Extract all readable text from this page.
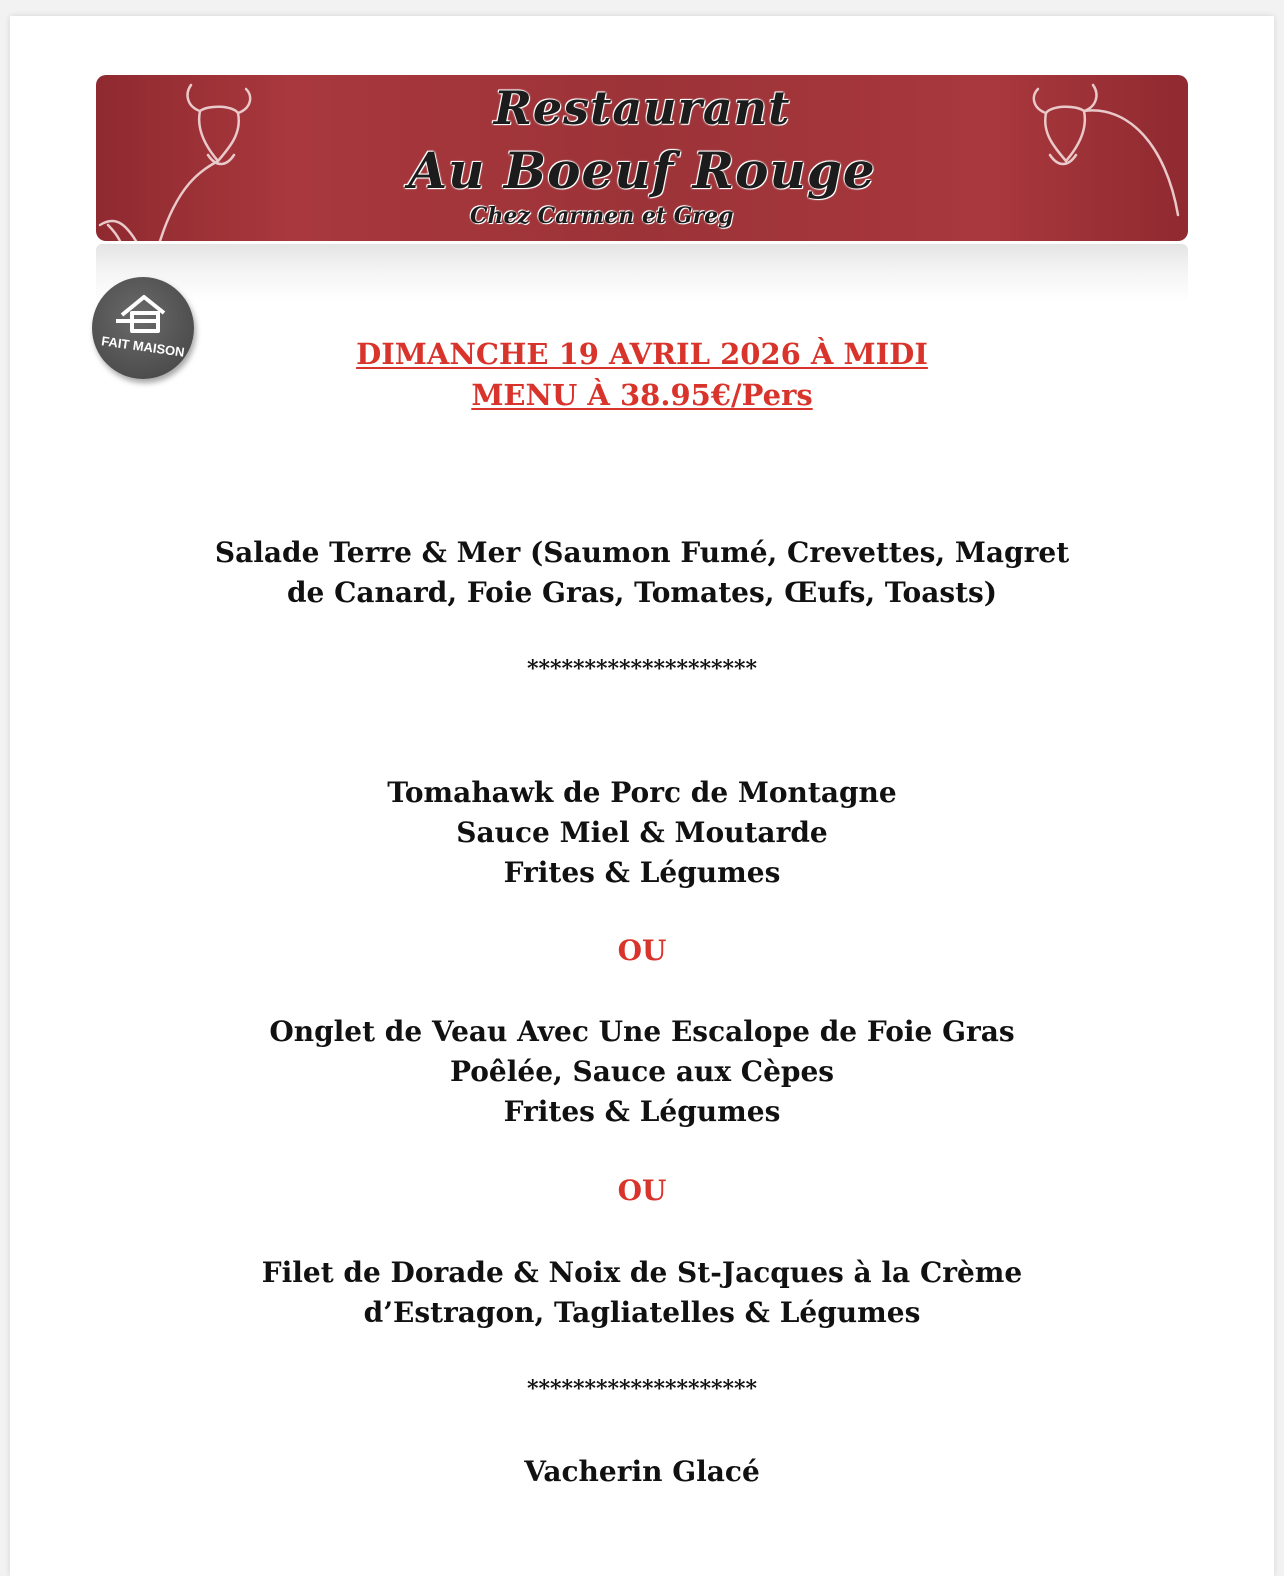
Restaurant
Au Boeuf Rouge
Chez Carmen et Greg
FAIT MAISON	DIMANCHE 19 AVRIL 2026 À MIDI

MENU À 38.95€/Pers

Salade Terre & Mer (Saumon Fumé, Crevettes, Magret

de Canard, Foie Gras, Tomates, Œufs, Toasts)

********************

Tomahawk de Porc de Montagne

Sauce Miel & Moutarde

Frites & Légumes

OU

Onglet de Veau Avec Une Escalope de Foie Gras

Poêlée, Sauce aux Cèpes

Frites & Légumes

OU

Filet de Dorade & Noix de St-Jacques à la Crème

d’Estragon, Tagliatelles & Légumes

********************

Vacherin Glacé
